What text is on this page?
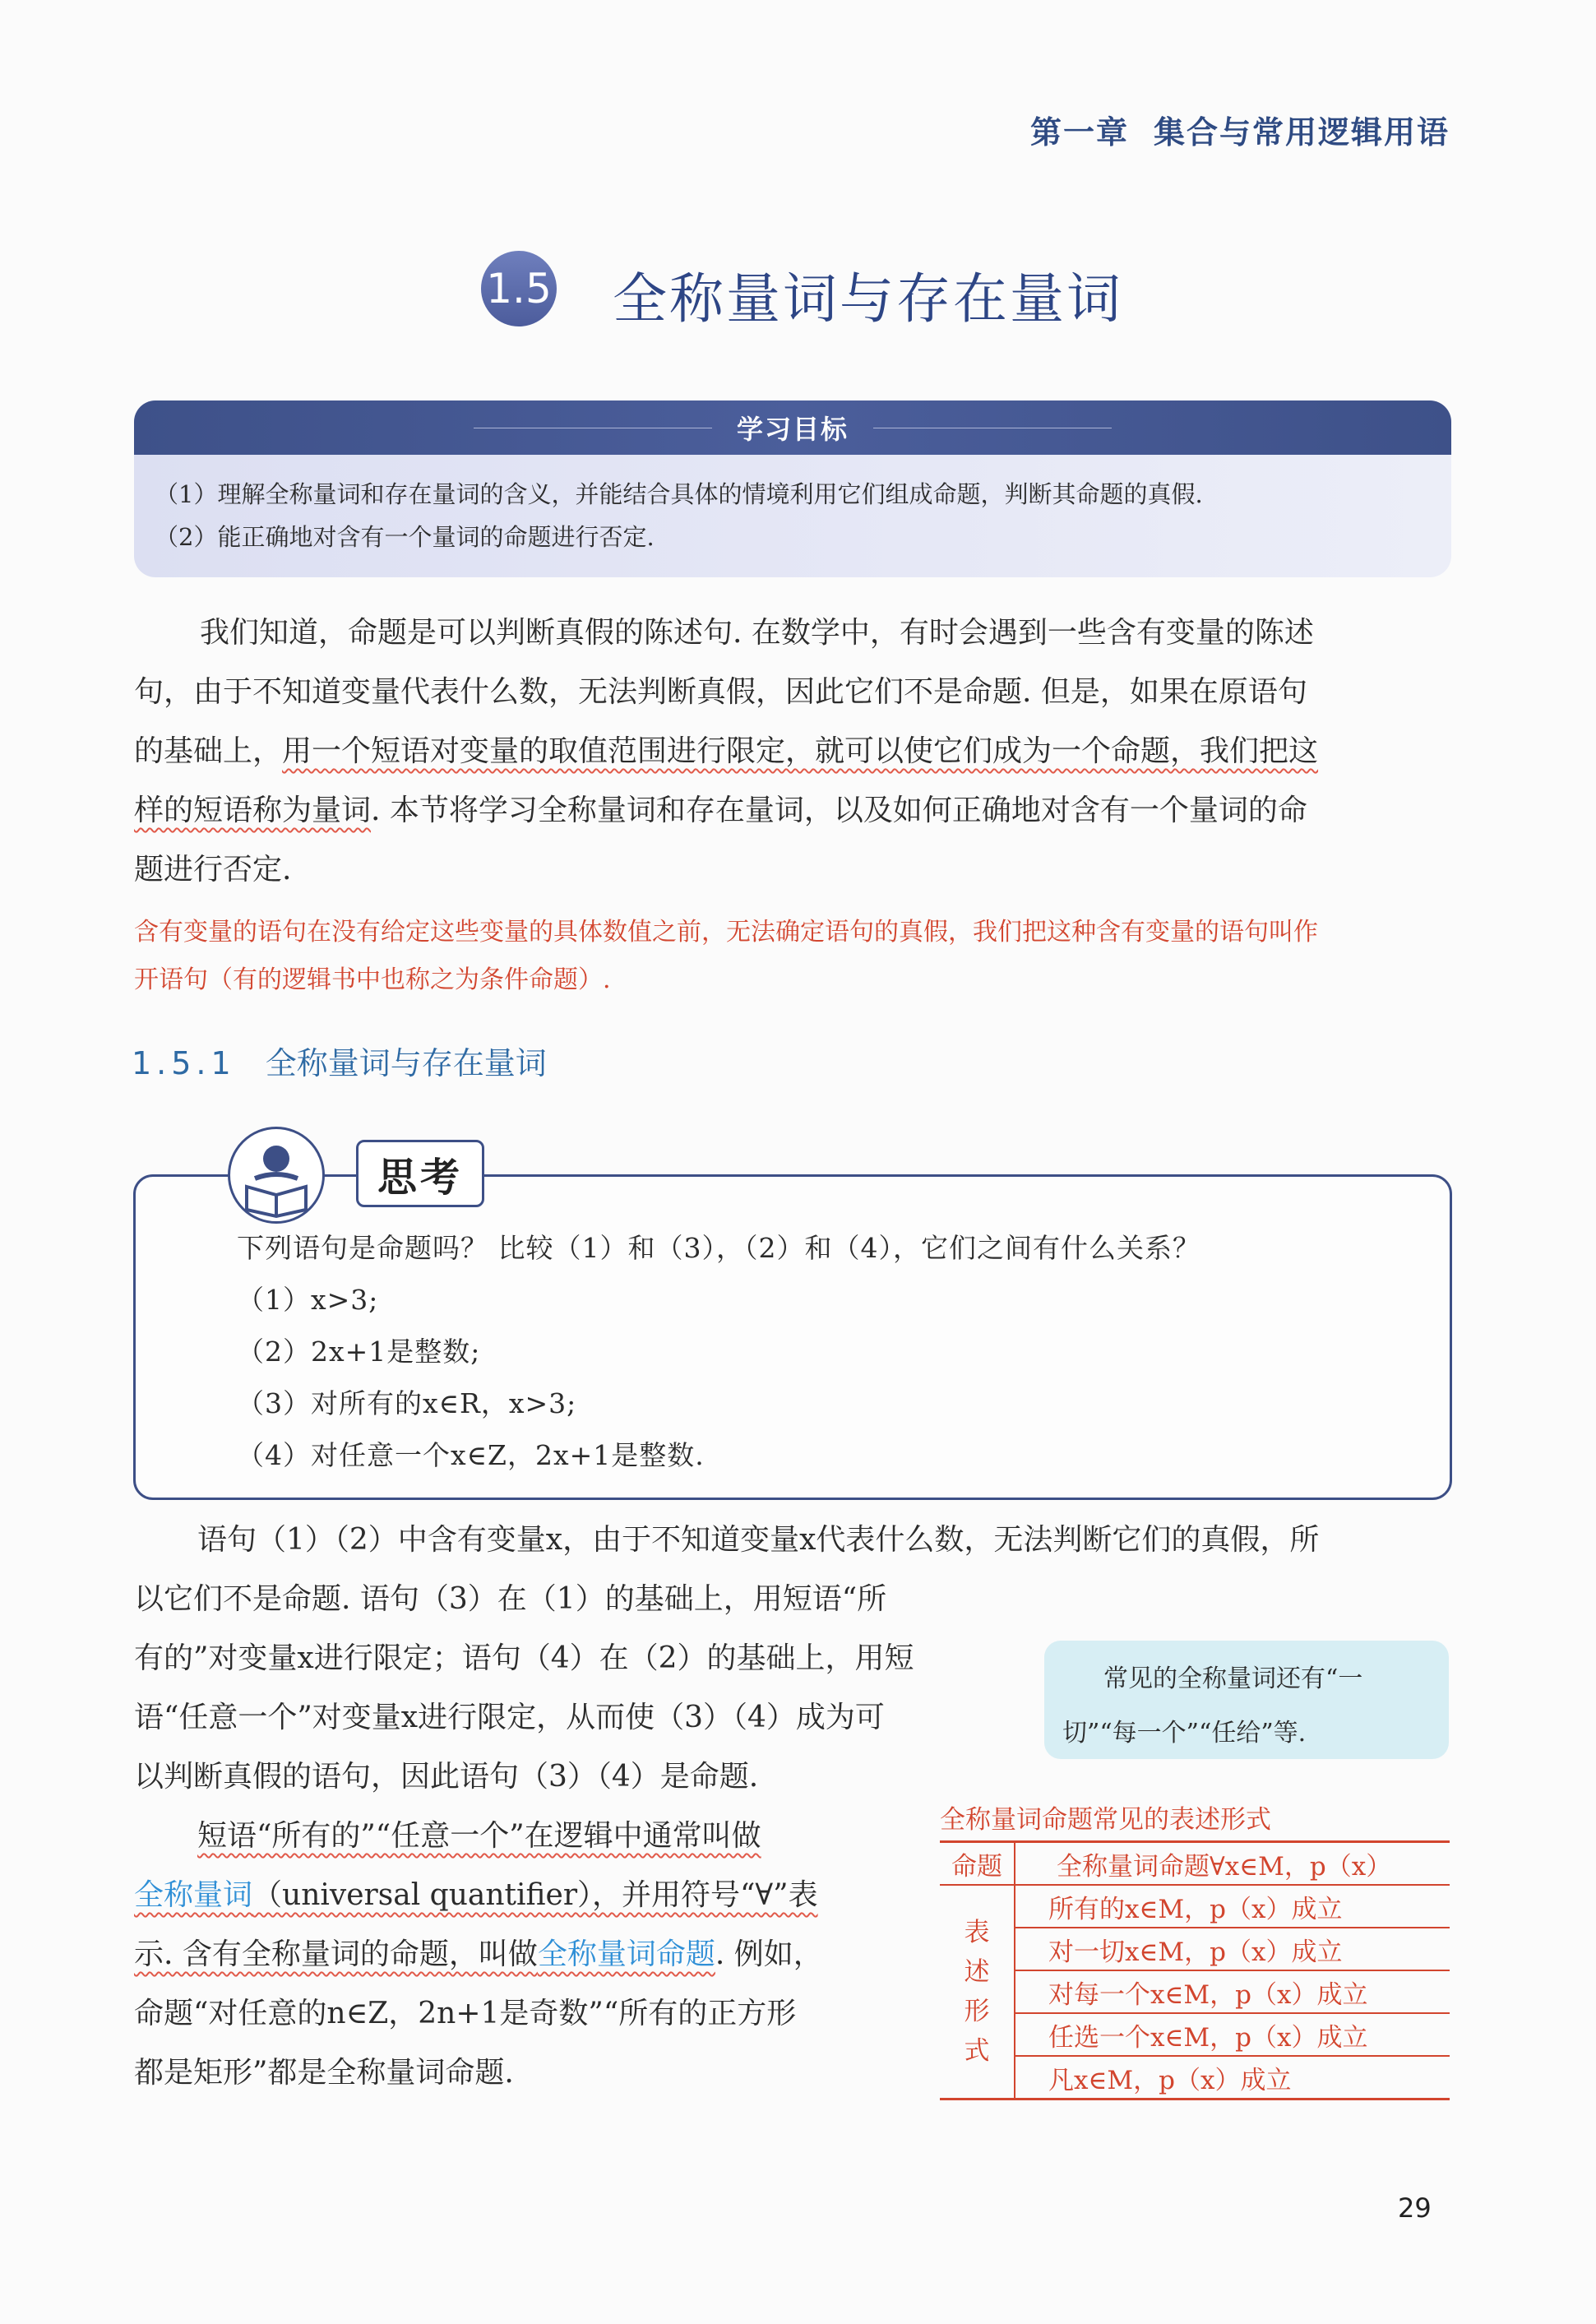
第一章 集合与常用逻辑用语
1.5 全称量词与存在量词
学习目标
（1）理解全称量词和存在量词的含义，并能结合具体的情境利用它们组成命题，判断其命题的真假.
（2）能正确地对含有一个量词的命题进行否定.
我们知道，命题是可以判断真假的陈述句. 在数学中，有时会遇到一些含有变量的陈述
句，由于不知道变量代表什么数，无法判断真假，因此它们不是命题. 但是，如果在原语句
的基础上，用一个短语对变量的取值范围进行限定，就可以使它们成为一个命题，我们把这
样的短语称为量词. 本节将学习全称量词和存在量词，以及如何正确地对含有一个量词的命
题进行否定.
含有变量的语句在没有给定这些变量的具体数值之前，无法确定语句的真假，我们把这种含有变量的语句叫作
开语句（有的逻辑书中也称之为条件命题）.
1.5.1 全称量词与存在量词
思考
下列语句是命题吗？ 比较（1）和（3），（2）和（4），它们之间有什么关系？
（1）x>3;
（2）2x+1是整数;
（3）对所有的x∈R，x>3;
（4）对任意一个x∈Z，2x+1是整数.
语句（1）（2）中含有变量x，由于不知道变量x代表什么数，无法判断它们的真假，所
以它们不是命题. 语句（3）在（1）的基础上，用短语“所
有的”对变量x进行限定；语句（4）在（2）的基础上，用短
语“任意一个”对变量x进行限定，从而使（3）（4）成为可
以判断真假的语句，因此语句（3）（4）是命题.
常见的全称量词还有“一
切”“每一个”“任给”等.
短语“所有的”“任意一个”在逻辑中通常叫做
全称量词（universal quantifier），并用符号“∀”表
示. 含有全称量词的命题，叫做全称量词命题. 例如，
命题“对任意的n∈Z，2n+1是奇数”“所有的正方形
都是矩形”都是全称量词命题.
全称量词命题常见的表述形式
命题	全称量词命题∀x∈M，p（x）

表述形式	所有的x∈M，p（x）成立
	对一切x∈M，p（x）成立
	对每一个x∈M，p（x）成立
	任选一个x∈M，p（x）成立
	凡x∈M，p（x）成立
29
